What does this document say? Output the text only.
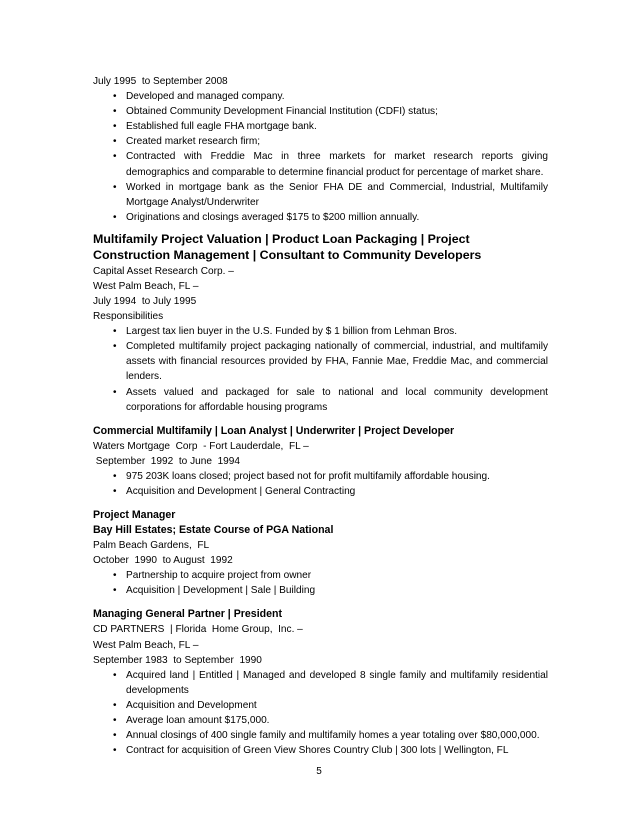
July 1995  to September 2008
• Developed and managed company.
• Obtained Community Development Financial Institution (CDFI) status;
• Established full eagle FHA mortgage bank.
• Created market research firm;
• Contracted with Freddie Mac in three markets for market research reports giving demographics and comparable to determine financial product for percentage of market share.
• Worked in mortgage bank as the Senior FHA DE and Commercial, Industrial, Multifamily Mortgage Analyst/Underwriter
• Originations and closings averaged $175 to $200 million annually.
Multifamily Project Valuation | Product Loan Packaging | Project Construction Management | Consultant to Community Developers
Capital Asset Research Corp. –
West Palm Beach, FL –
July 1994  to July 1995
Responsibilities
• Largest tax lien buyer in the U.S. Funded by $ 1 billion from Lehman Bros.
• Completed multifamily project packaging nationally of commercial, industrial, and multifamily assets with financial resources provided by FHA, Fannie Mae, Freddie Mac, and commercial lenders.
• Assets valued and packaged for sale to national and local community development corporations for affordable housing programs
Commercial Multifamily | Loan Analyst | Underwriter | Project Developer
Waters Mortgage  Corp  - Fort Lauderdale,  FL –
September  1992  to June  1994
• 975 203K loans closed; project based not for profit multifamily affordable housing.
• Acquisition and Development | General Contracting
Project Manager
Bay Hill Estates; Estate Course of PGA National
Palm Beach Gardens,  FL
October  1990  to August  1992
• Partnership to acquire project from owner
• Acquisition | Development | Sale | Building
Managing General Partner | President
CD PARTNERS  | Florida  Home Group,  Inc. –
West Palm Beach, FL –
September 1983  to September  1990
• Acquired land | Entitled | Managed and developed 8 single family and multifamily residential developments
• Acquisition and Development
• Average loan amount $175,000.
• Annual closings of 400 single family and multifamily homes a year totaling over $80,000,000.
• Contract for acquisition of Green View Shores Country Club | 300 lots | Wellington, FL
5
